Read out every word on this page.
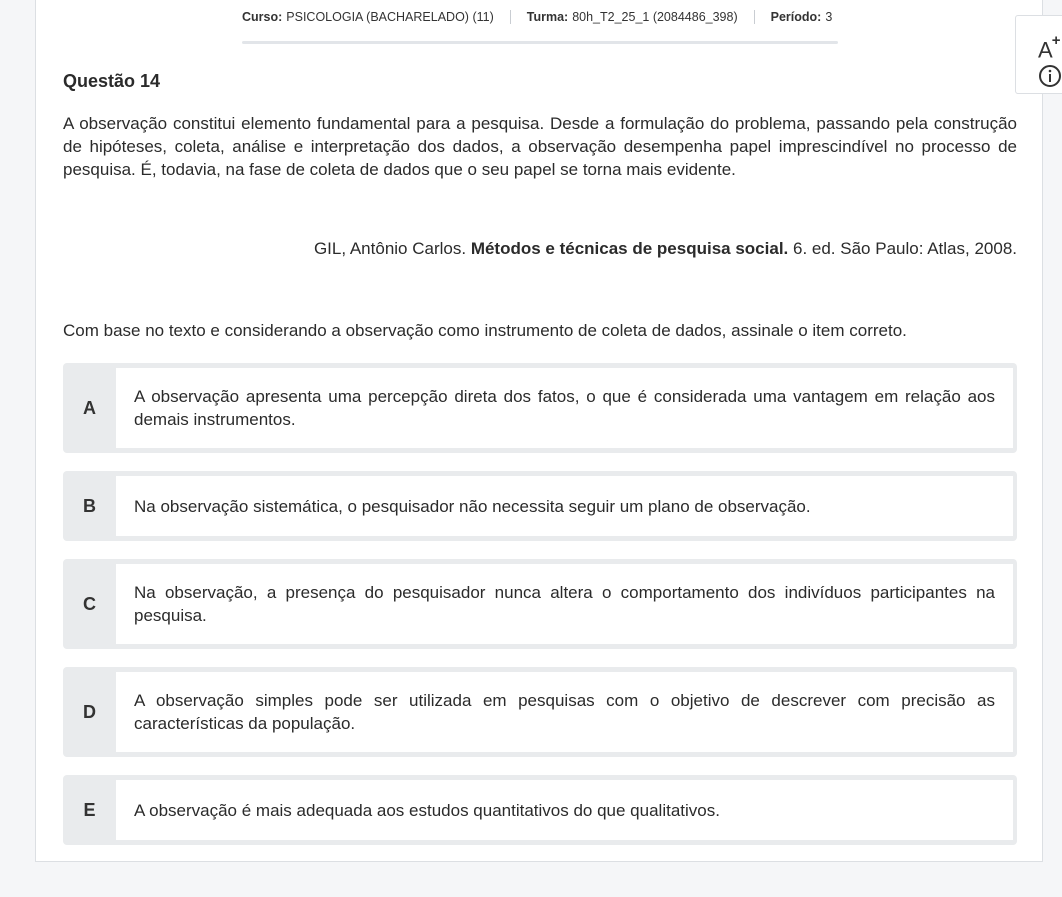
Curso: PSICOLOGIA (BACHARELADO) (11)	Turma: 80h_T2_25_1 (2084486_398)	Período: 3
Questão 14
A observação constitui elemento fundamental para a pesquisa. Desde a formulação do problema, passando pela construção de hipóteses, coleta, análise e interpretação dos dados, a observação desempenha papel imprescindível no processo de pesquisa. É, todavia, na fase de coleta de dados que o seu papel se torna mais evidente.
GIL, Antônio Carlos. Métodos e técnicas de pesquisa social. 6. ed. São Paulo: Atlas, 2008.
Com base no texto e considerando a observação como instrumento de coleta de dados, assinale o item correto.
A
A observação apresenta uma percepção direta dos fatos, o que é considerada uma vantagem em relação aos demais instrumentos.
B	Na observação sistemática, o pesquisador não necessita seguir um plano de observação.
C
Na observação, a presença do pesquisador nunca altera o comportamento dos indivíduos participantes na pesquisa.
D
A observação simples pode ser utilizada em pesquisas com o objetivo de descrever com precisão as características da população.
E	A observação é mais adequada aos estudos quantitativos do que qualitativos.
A+
